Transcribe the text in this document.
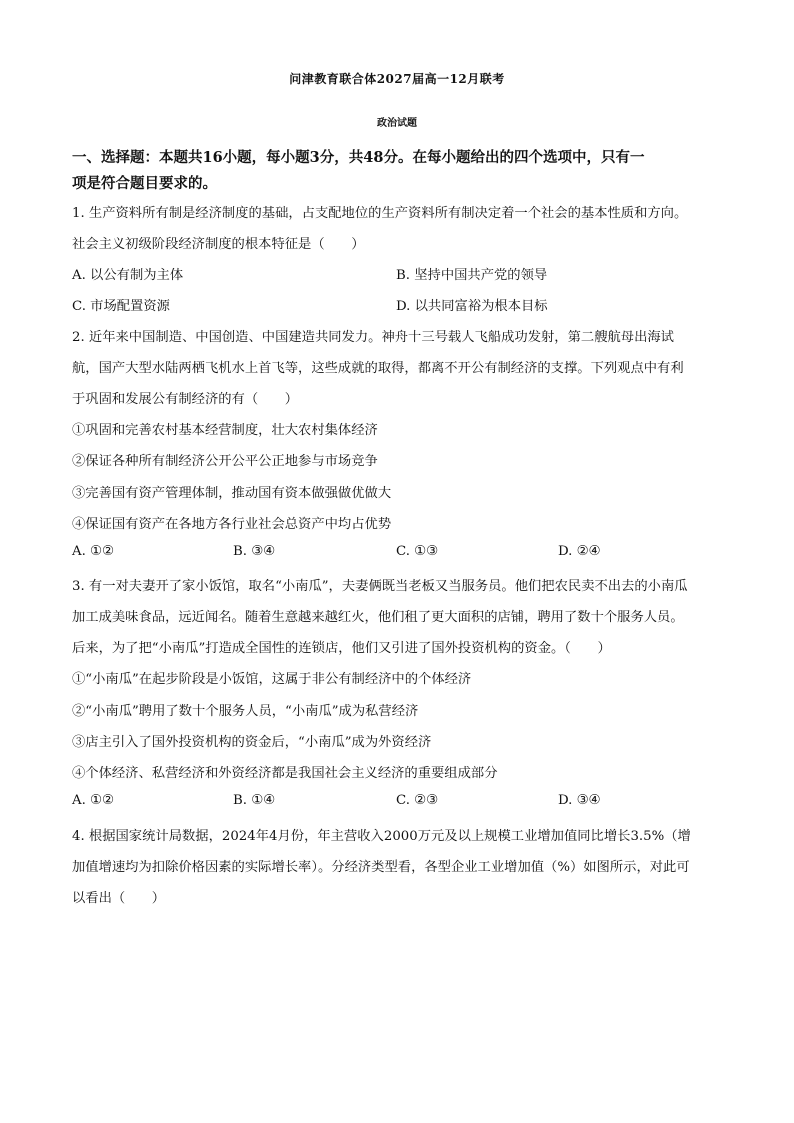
问津教育联合体2027届高一12月联考
政治试题
一、选择题：本题共16小题，每小题3分，共48分。在每小题给出的四个选项中，只有一
项是符合题目要求的。
1. 生产资料所有制是经济制度的基础，占支配地位的生产资料所有制决定着一个社会的基本性质和方向。
社会主义初级阶段经济制度的根本特征是（　　）
A. 以公有制为主体	B. 坚持中国共产党的领导
C. 市场配置资源	D. 以共同富裕为根本目标
2. 近年来中国制造、中国创造、中国建造共同发力。神舟十三号载人飞船成功发射，第二艘航母出海试
航，国产大型水陆两栖飞机水上首飞等，这些成就的取得，都离不开公有制经济的支撑。下列观点中有利
于巩固和发展公有制经济的有（　　）
①巩固和完善农村基本经营制度，壮大农村集体经济
②保证各种所有制经济公开公平公正地参与市场竞争
③完善国有资产管理体制，推动国有资本做强做优做大
④保证国有资产在各地方各行业社会总资产中均占优势
A. ①②	B. ③④	C. ①③	D. ②④
3. 有一对夫妻开了家小饭馆，取名“小南瓜”，夫妻俩既当老板又当服务员。他们把农民卖不出去的小南瓜
加工成美味食品，远近闻名。随着生意越来越红火，他们租了更大面积的店铺，聘用了数十个服务人员。
后来，为了把“小南瓜”打造成全国性的连锁店，他们又引进了国外投资机构的资金。（　　）
①“小南瓜”在起步阶段是小饭馆，这属于非公有制经济中的个体经济
②“小南瓜”聘用了数十个服务人员，“小南瓜”成为私营经济
③店主引入了国外投资机构的资金后，“小南瓜”成为外资经济
④个体经济、私营经济和外资经济都是我国社会主义经济的重要组成部分
A. ①②	B. ①④	C. ②③	D. ③④
4. 根据国家统计局数据，2024年4月份，年主营收入2000万元及以上规模工业增加值同比增长3.5%（增
加值增速均为扣除价格因素的实际增长率）。分经济类型看，各型企业工业增加值（%）如图所示，对此可
以看出（　　）
